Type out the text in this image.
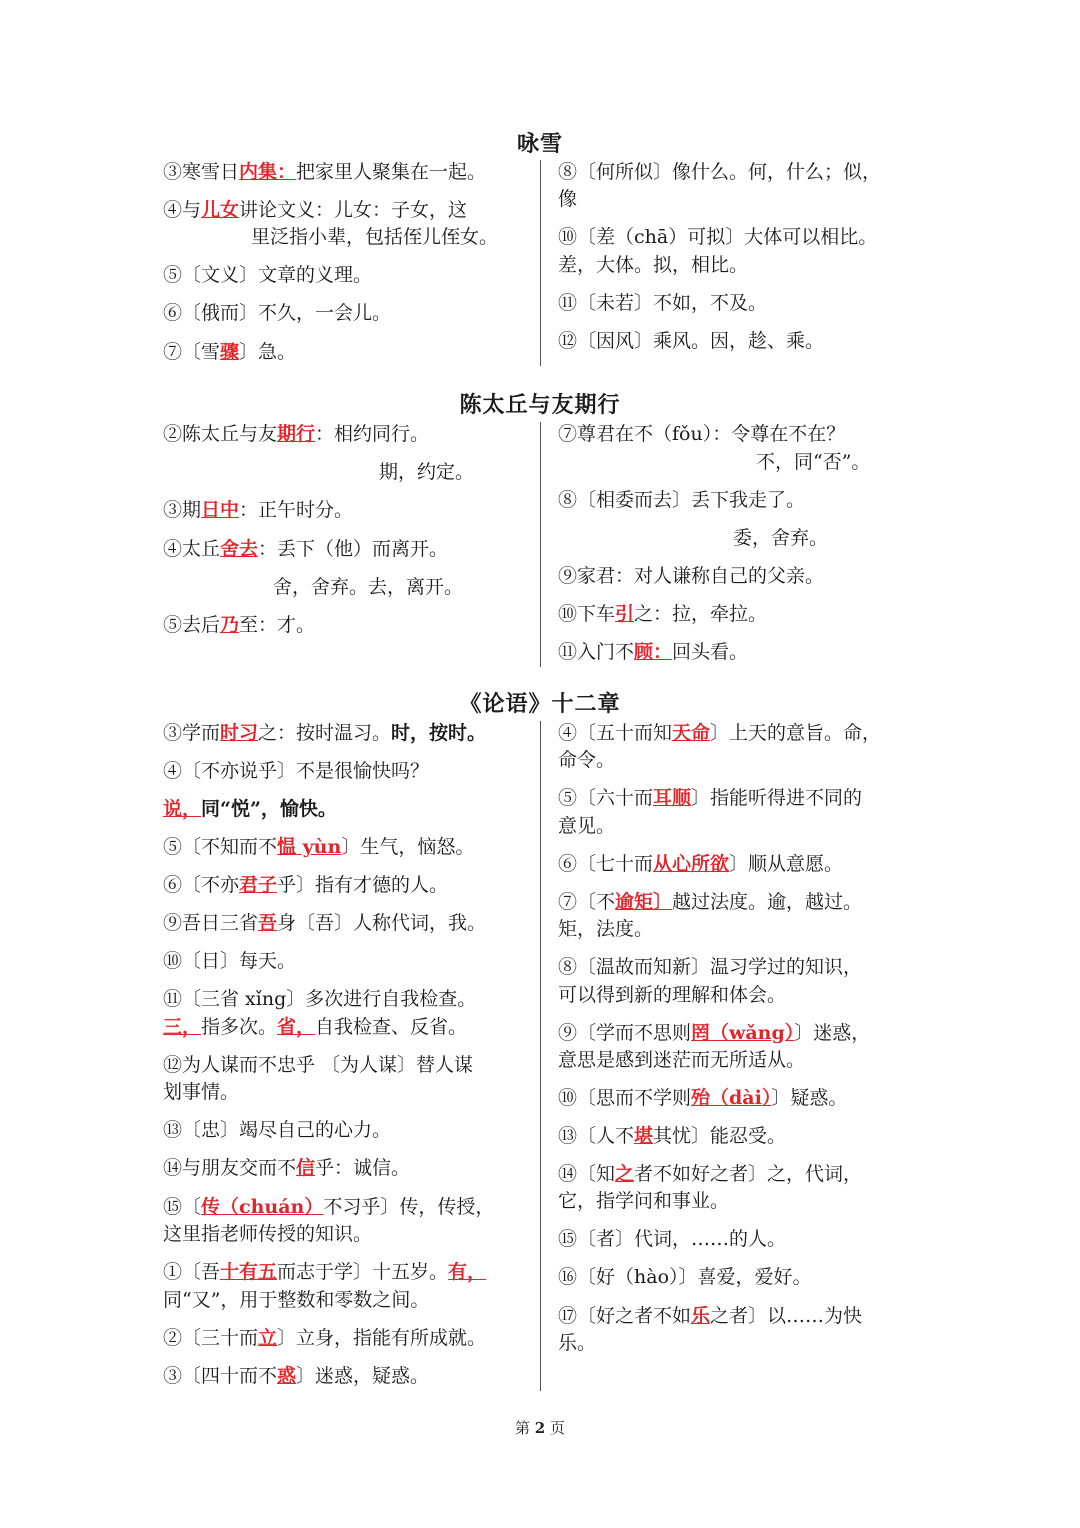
咏雪
③寒雪日内集：把家里人聚集在一起。
④与儿女讲论文义：儿女：子女，这
里泛指小辈，包括侄儿侄女。
⑤〔文义〕文章的义理。
⑥〔俄而〕不久，一会儿。
⑦〔雪骤〕急。
⑧〔何所似〕像什么。何，什么；似，
像
⑩〔差（chā）可拟〕大体可以相比。
差，大体。拟，相比。
⑪〔未若〕不如，不及。
⑫〔因风〕乘风。因，趁、乘。
陈太丘与友期行
②陈太丘与友期行：相约同行。
期，约定。
③期日中：正午时分。
④太丘舍去：丢下（他）而离开。
舍，舍弃。去，离开。
⑤去后乃至：才。
⑦尊君在不（fǒu）：令尊在不在？
不，同“否”。
⑧〔相委而去〕丢下我走了。
委，舍弃。
⑨家君：对人谦称自己的父亲。
⑩下车引之：拉，牵拉。
⑪入门不顾：回头看。
《论语》十二章
③学而时习之：按时温习。时，按时。
④〔不亦说乎〕不是很愉快吗？
说，同“悦”，愉快。
⑤〔不知而不愠 yùn〕生气，恼怒。
⑥〔不亦君子乎〕指有才德的人。
⑨吾日三省吾身〔吾〕人称代词，我。
⑩〔日〕每天。
⑪〔三省 xǐng〕多次进行自我检查。
三，指多次。省，自我检查、反省。
⑫为人谋而不忠乎 〔为人谋〕替人谋
划事情。
⑬〔忠〕竭尽自己的心力。
⑭与朋友交而不信乎：诚信。
⑮〔传（chuán）不习乎〕传，传授，
这里指老师传授的知识。
①〔吾十有五而志于学〕十五岁。有，
同“又”，用于整数和零数之间。
②〔三十而立〕立身，指能有所成就。
③〔四十而不惑〕迷惑，疑惑。
④〔五十而知天命〕上天的意旨。命，
命令。
⑤〔六十而耳顺〕指能听得进不同的
意见。
⑥〔七十而从心所欲〕顺从意愿。
⑦〔不逾矩〕越过法度。逾，越过。
矩，法度。
⑧〔温故而知新〕温习学过的知识，
可以得到新的理解和体会。
⑨〔学而不思则罔（wǎng）〕迷惑，
意思是感到迷茫而无所适从。
⑩〔思而不学则殆（dài）〕疑惑。
⑬〔人不堪其忧〕能忍受。
⑭〔知之者不如好之者〕之，代词，
它，指学问和事业。
⑮〔者〕代词，……的人。
⑯〔好（hào）〕喜爱，爱好。
⑰〔好之者不如乐之者〕以……为快
乐。
第 2 页
